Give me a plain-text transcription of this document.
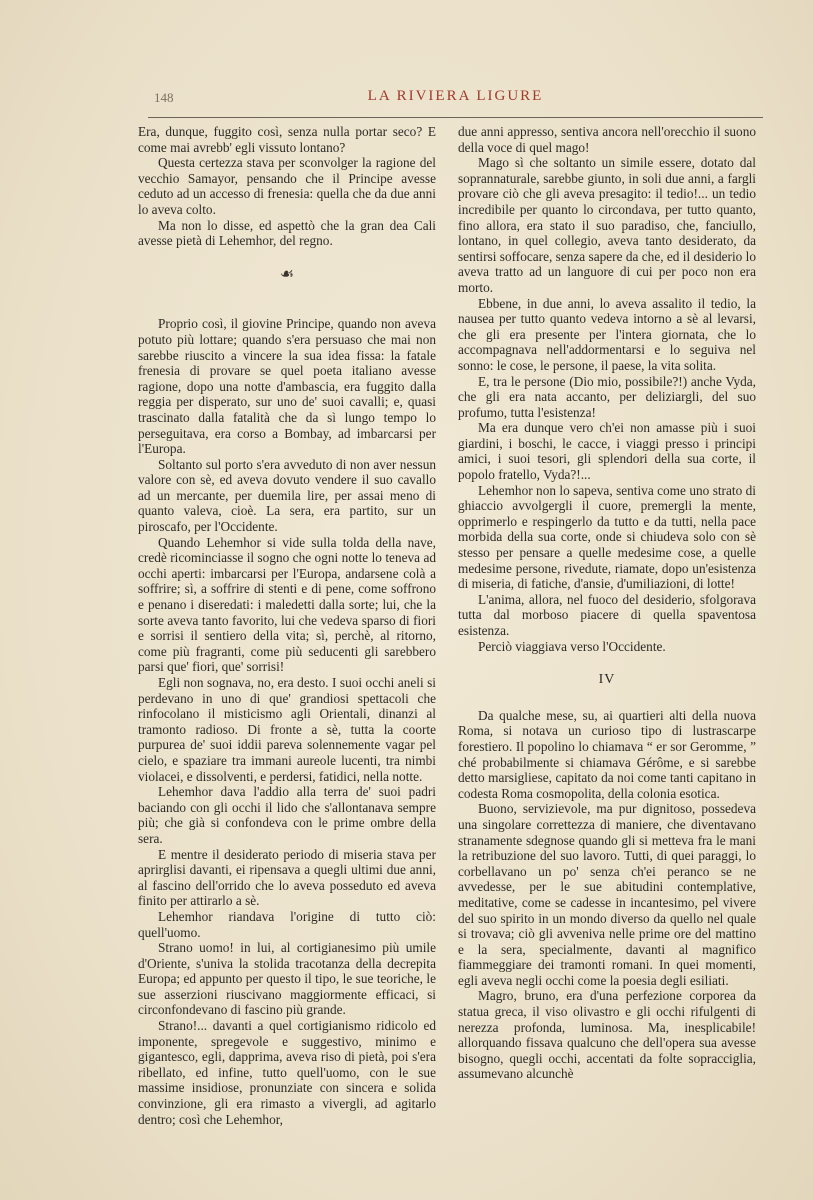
148	LA RIVIERA LIGURE

Era, dunque, fuggito così, senza nulla portar seco? E come mai avrebb' egli vissuto lontano?

Questa certezza stava per sconvolger la ragione del vecchio Samayor, pensando che il Principe avesse ceduto ad un accesso di frenesia: quella che da due anni lo aveva colto.

Ma non lo disse, ed aspettò che la gran dea Cali avesse pietà di Lehemhor, del regno.

☙

Proprio così, il giovine Principe, quando non aveva potuto più lottare; quando s'era persuaso che mai non sarebbe riuscito a vincere la sua idea fissa: la fatale frenesia di provare se quel poeta italiano avesse ragione, dopo una notte d'ambascia, era fuggito dalla reggia per disperato, sur uno de' suoi cavalli; e, quasi trascinato dalla fatalità che da sì lungo tempo lo perseguitava, era corso a Bombay, ad imbarcarsi per l'Europa.

Soltanto sul porto s'era avveduto di non aver nessun valore con sè, ed aveva dovuto vendere il suo cavallo ad un mercante, per duemila lire, per assai meno di quanto valeva, cioè. La sera, era partito, sur un piroscafo, per l'Occidente.

Quando Lehemhor si vide sulla tolda della nave, credè ricominciasse il sogno che ogni notte lo teneva ad occhi aperti: imbarcarsi per l'Europa, andarsene colà a soffrire; sì, a soffrire di stenti e di pene, come soffrono e penano i diseredati: i maledetti dalla sorte; lui, che la sorte aveva tanto favorito, lui che vedeva sparso di fiori e sorrisi il sentiero della vita; sì, perchè, al ritorno, come più fragranti, come più seducenti gli sarebbero parsi que' fiori, que' sorrisi!

Egli non sognava, no, era desto. I suoi occhi aneli si perdevano in uno di que' grandiosi spettacoli che rinfocolano il misticismo agli Orientali, dinanzi al tramonto radioso. Di fronte a sè, tutta la coorte purpurea de' suoi iddii pareva solennemente vagar pel cielo, e spaziare tra immani aureole lucenti, tra nimbi violacei, e dissolventi, e perdersi, fatidici, nella notte.

Lehemhor dava l'addio alla terra de' suoi padri baciando con gli occhi il lido che s'allontanava sempre più; che già si confondeva con le prime ombre della sera.

E mentre il desiderato periodo di miseria stava per aprirglisi davanti, ei ripensava a quegli ultimi due anni, al fascino dell'orrido che lo aveva posseduto ed aveva finito per attirarlo a sè.

Lehemhor riandava l'origine di tutto ciò: quell'uomo.

Strano uomo! in lui, al cortigianesimo più umile d'Oriente, s'univa la stolida tracotanza della decrepita Europa; ed appunto per questo il tipo, le sue teoriche, le sue asserzioni riuscivano maggiormente efficaci, si circonfondevano di fascino più grande.

Strano!... davanti a quel cortigianismo ridicolo ed imponente, spregevole e suggestivo, minimo e gigantesco, egli, dapprima, aveva riso di pietà, poi s'era ribellato, ed infine, tutto quell'uomo, con le sue massime insidiose, pronunziate con sincera e solida convinzione, gli era rimasto a vivergli, ad agitarlo dentro; così che Lehemhor,

due anni appresso, sentiva ancora nell'orecchio il suono della voce di quel mago!

Mago sì che soltanto un simile essere, dotato dal soprannaturale, sarebbe giunto, in soli due anni, a fargli provare ciò che gli aveva presagito: il tedio!... un tedio incredibile per quanto lo circondava, per tutto quanto, fino allora, era stato il suo paradiso, che, fanciullo, lontano, in quel collegio, aveva tanto desiderato, da sentirsi soffocare, senza sapere da che, ed il desiderio lo aveva tratto ad un languore di cui per poco non era morto.

Ebbene, in due anni, lo aveva assalito il tedio, la nausea per tutto quanto vedeva intorno a sè al levarsi, che gli era presente per l'intera giornata, che lo accompagnava nell'addormentarsi e lo seguiva nel sonno: le cose, le persone, il paese, la vita solita.

E, tra le persone (Dio mio, possibile?!) anche Vyda, che gli era nata accanto, per deliziargli, del suo profumo, tutta l'esistenza!

Ma era dunque vero ch'ei non amasse più i suoi giardini, i boschi, le cacce, i viaggi presso i principi amici, i suoi tesori, gli splendori della sua corte, il popolo fratello, Vyda?!...

Lehemhor non lo sapeva, sentiva come uno strato di ghiaccio avvolgergli il cuore, premergli la mente, opprimerlo e respingerlo da tutto e da tutti, nella pace morbida della sua corte, onde si chiudeva solo con sè stesso per pensare a quelle medesime cose, a quelle medesime persone, rivedute, riamate, dopo un'esistenza di miseria, di fatiche, d'ansie, d'umiliazioni, di lotte!

L'anima, allora, nel fuoco del desiderio, sfolgorava tutta dal morboso piacere di quella spaventosa esistenza.

Perciò viaggiava verso l'Occidente.

IV

Da qualche mese, su, ai quartieri alti della nuova Roma, si notava un curioso tipo di lustrascarpe forestiero. Il popolino lo chiamava “ er sor Geromme, ” ché probabilmente si chiamava Gérôme, e si sarebbe detto marsigliese, capitato da noi come tanti capitano in codesta Roma cosmopolita, della colonia esotica.

Buono, servizievole, ma pur dignitoso, possedeva una singolare correttezza di maniere, che diventavano stranamente sdegnose quando gli si metteva fra le mani la retribuzione del suo lavoro. Tutti, di quei paraggi, lo corbellavano un po' senza ch'ei peranco se ne avvedesse, per le sue abitudini contemplative, meditative, come se cadesse in incantesimo, pel vivere del suo spirito in un mondo diverso da quello nel quale si trovava; ciò gli avveniva nelle prime ore del mattino e la sera, specialmente, davanti al magnifico fiammeggiare dei tramonti romani. In quei momenti, egli aveva negli occhi come la poesia degli esiliati.

Magro, bruno, era d'una perfezione corporea da statua greca, il viso olivastro e gli occhi rifulgenti di nerezza profonda, luminosa. Ma, inesplicabile! allorquando fissava qualcuno che dell'opera sua avesse bisogno, quegli occhi, accentati da folte sopracciglia, assumevano alcunchè
